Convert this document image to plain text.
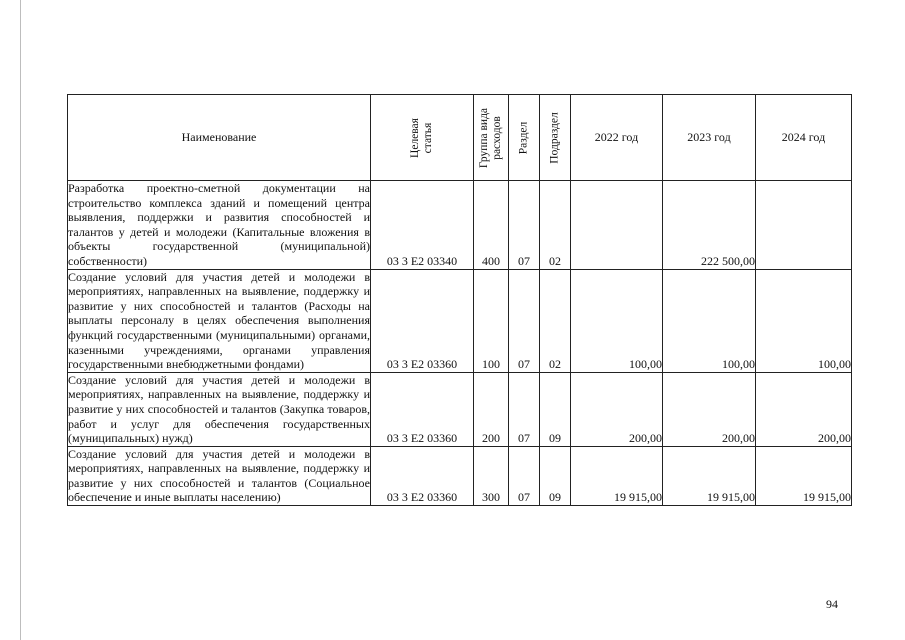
Наименование	Целевая статья	Группа вида расходов	Раздел	Подраздел	2022 год	2023 год	2024 год
Разработка проектно-сметной документации на строительство комплекса зданий и помещений центра выявления, поддержки и развития способностей и талантов у детей и молодежи (Капитальные вложения в объекты государственной (муниципальной) собственности)	03 3 E2 03340	400	07	02		222 500,00	
Создание условий для участия детей и молодежи в мероприятиях, направленных на выявление, поддержку и развитие у них способностей и талантов (Расходы на выплаты персоналу в целях обеспечения выполнения функций государственными (муниципальными) органами, казенными учреждениями, органами управления государственными внебюджетными фондами)	03 3 E2 03360	100	07	02	100,00	100,00	100,00
Создание условий для участия детей и молодежи в мероприятиях, направленных на выявление, поддержку и развитие у них способностей и талантов (Закупка товаров, работ и услуг для обеспечения государственных (муниципальных) нужд)	03 3 E2 03360	200	07	09	200,00	200,00	200,00
Создание условий для участия детей и молодежи в мероприятиях, направленных на выявление, поддержку и развитие у них способностей и талантов (Социальное обеспечение и иные выплаты населению)	03 3 E2 03360	300	07	09	19 915,00	19 915,00	19 915,00
94
